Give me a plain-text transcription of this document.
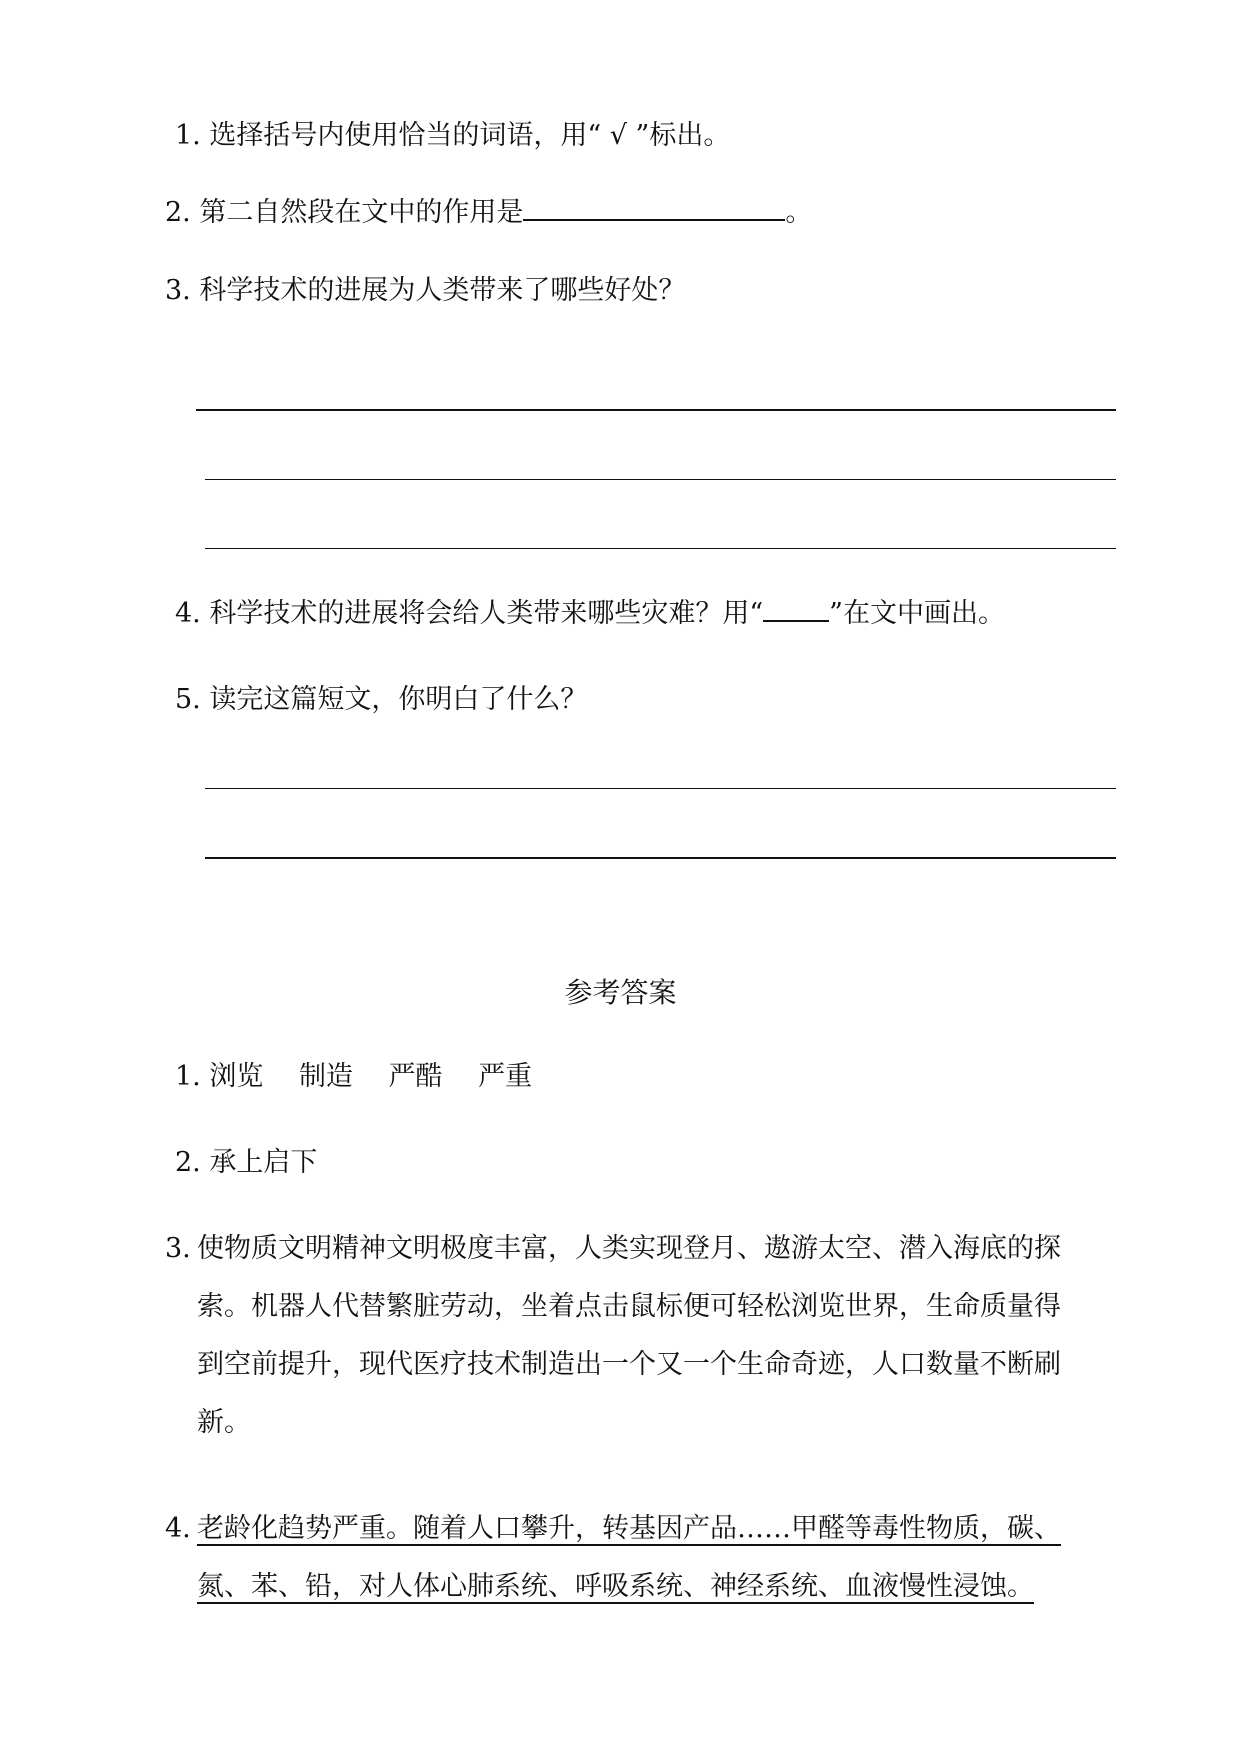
1. 选择括号内使用恰当的词语，用“ √ ”标出。
2. 第二自然段在文中的作用是	。
3. 科学技术的进展为人类带来了哪些好处？
4. 科学技术的进展将会给人类带来哪些灾难？用“ ”在文中画出。
5. 读完这篇短文，你明白了什么？
参考答案
1. 浏览　 制造　 严酷　 严重
2. 承上启下
3. 使物质文明精神文明极度丰富，人类实现登月、遨游太空、潜入海底的探
索。机器人代替繁脏劳动，坐着点击鼠标便可轻松浏览世界，生命质量得
到空前提升，现代医疗技术制造出一个又一个生命奇迹，人口数量不断刷
新。
4. 老龄化趋势严重。随着人口攀升，转基因产品……甲醛等毒性物质，碳、
氮、苯、铅，对人体心肺系统、呼吸系统、神经系统、血液慢性浸蚀。
